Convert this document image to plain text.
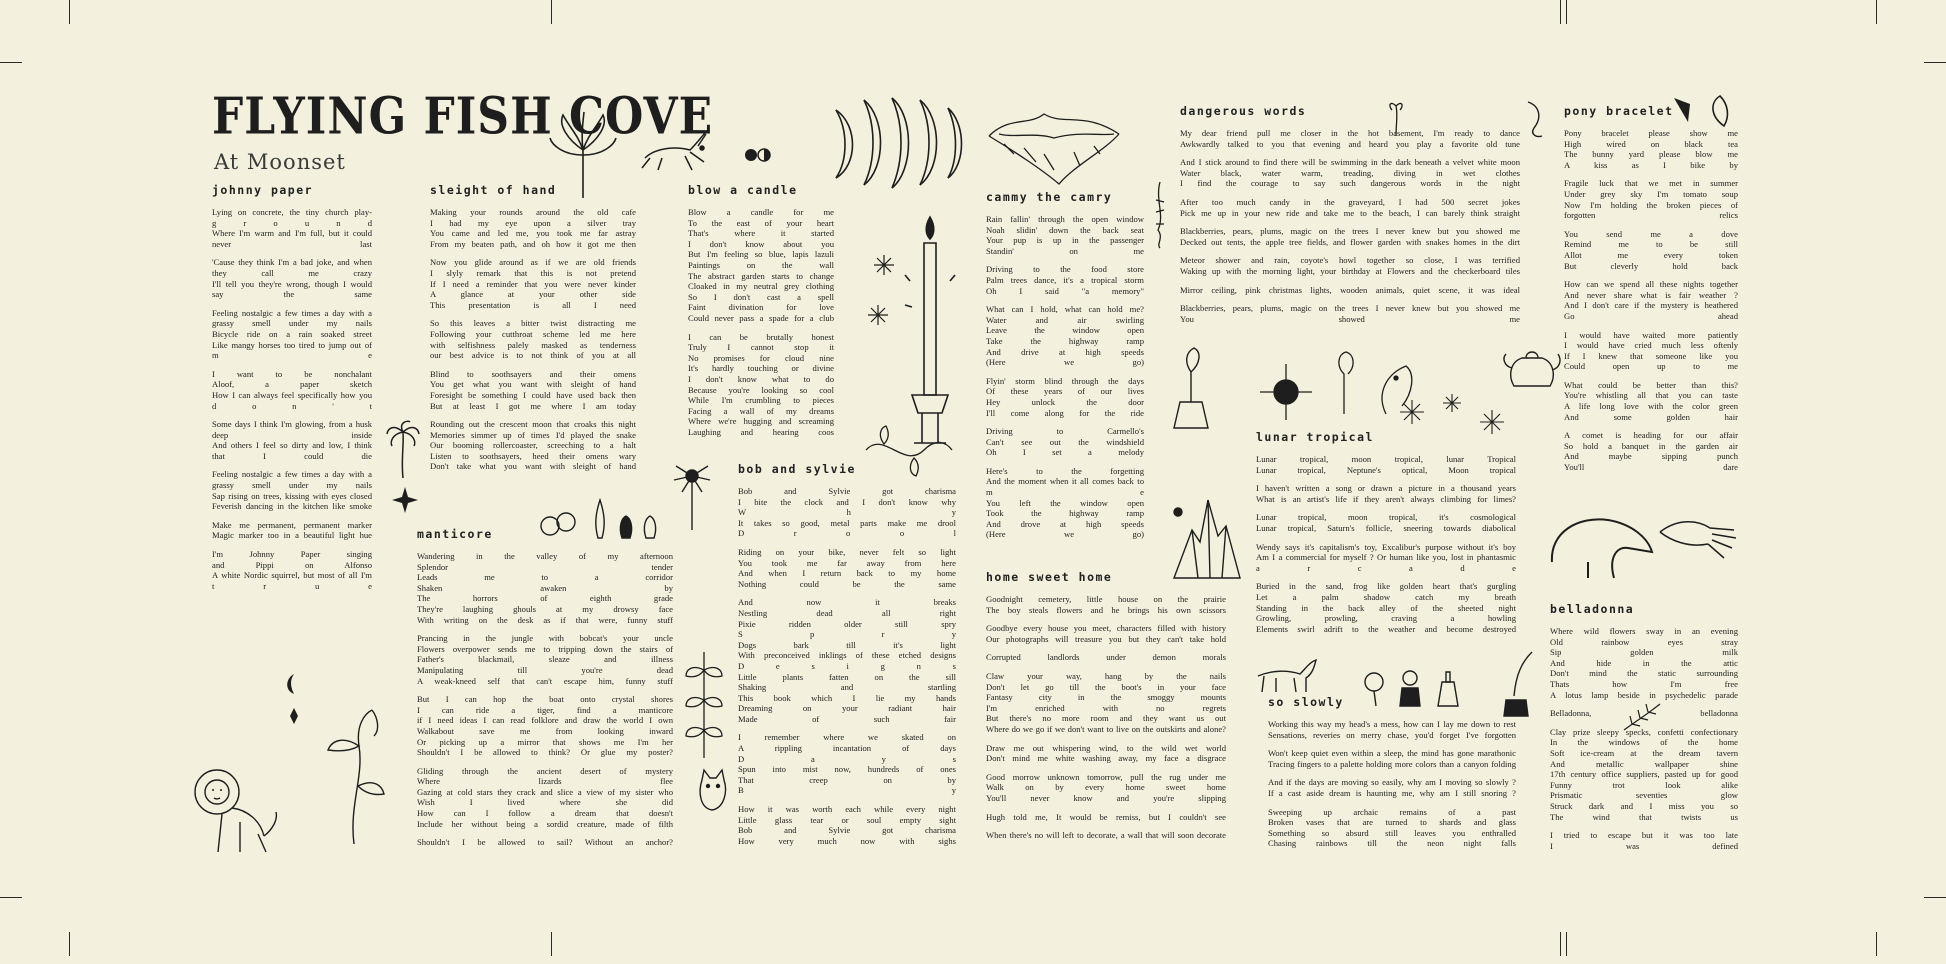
FLYING FISH COVE
At Moonset
johnny paper

Lying on concrete, the tiny church play-
g r o u n d
Where I'm warm and I'm full, but it could
never last

'Cause they think I'm a bad joke, and when
they call me crazy
I'll tell you they're wrong, though I would
say the same

Feeling nostalgic a few times a day with a
grassy smell under my nails
Bicycle ride on a rain soaked street
Like mangy horses too tired to jump out of
m e

I want to be nonchalant
Aloof, a paper sketch
How I can always feel specifically how you
d o n ' t

Some days I think I'm glowing, from a husk
deep inside
And others I feel so dirty and low, I think
that I could die

Feeling nostalgic a few times a day with a
grassy smell under my nails
Sap rising on trees, kissing with eyes closed
Feverish dancing in the kitchen like smoke

Make me permanent, permanent marker
Magic marker too in a beautiful light hue

I'm Johnny Paper singing
and Pippi on Alfonso
A white Nordic squirrel, but most of all I'm
t r u e

sleight of hand

Making your rounds around the old cafe
I had my eye upon a silver tray
You came and led me, you took me far astray
From my beaten path, and oh how it got me then

Now you glide around as if we are old friends
I slyly remark that this is not pretend
If I need a reminder that you were never kinder
A glance at your other side
This presentation is all I need

So this leaves a bitter twist distracting me
Following your cutthroat scheme led me here
with selfishness palely masked as tenderness
our best advice is to not think of you at all

Blind to soothsayers and their omens
You get what you want with sleight of hand
Foresight be something I could have used back then
But at least I got me where I am today

Rounding out the crescent moon that croaks this night
Memories simmer up of times I'd played the snake
Our booming rollercoaster, screeching to a halt
Listen to soothsayers, heed their omens wary
Don't take what you want with sleight of hand

blow a candle

Blow a candle for me
To the east of your heart
That's where it started
I don't know about you
But I'm feeling so blue, lapis lazuli
Paintings on the wall
The abstract garden starts to change
Cloaked in my neutral grey clothing
So I don't cast a spell
Faint divination for love
Could never pass a spade for a club

I can be brutally honest
Truly I cannot stop it
No promises for cloud nine
It's hardly touching or divine
I don't know what to do
Because you're looking so cool
While I'm crumbling to pieces
Facing a wall of my dreams
Where we're hugging and screaming
Laughing and hearing coos

manticore

Wandering in the valley of my afternoon
Splendor tender
Leads me to a corridor
Shaken awaken by
The horrors of eighth grade
They're laughing ghouls at my drowsy face
With writing on the desk as if that were, funny stuff

Prancing in the jungle with bobcat's your uncle
Flowers overpower sends me to tripping down the stairs of
Father's blackmail, sleaze and illness
Manipulating till you're dead
A weak-kneed self that can't escape him, funny stuff

But I can hop the boat onto crystal shores
I can ride a tiger, find a manticore
if I need ideas I can read folklore and draw the world I own
Walkabout save me from looking inward
Or picking up a mirror that shows me I'm her
Shouldn't I be allowed to think? Or glue my poster?

Gliding through the ancient desert of mystery
Where lizards flee
Gazing at cold stars they crack and slice a view of my sister who
Wish I lived where she did
How can I follow a dream that doesn't
Include her without being a sordid creature, made of filth

Shouldn't I be allowed to sail? Without an anchor?

bob and sylvie

Bob and Sylvie got charisma
I bite the clock and I don't know why
W h y
It takes so good, metal parts make me drool
D r o o l

Riding on your bike, never felt so light
You took me far away from here
And when I return back to my home
Nothing could be the same

And now it breaks
Nestling dead all right
Pixie ridden older still spry
S p r y
Dogs bark till it's light
With preconceived inklings of these etched designs
D e s i g n s
Little plants fatten on the sill
Shaking and startling
This book which I lie my hands
Dreaming on your radiant hair
Made of such fair

I remember where we skated on
A rippling incantation of days
D a y s
Spun into mist now, hundreds of ones
That creep on by
B y

How it was worth each while every night
Little glass tear or soul empty sight
Bob and Sylvie got charisma
How very much now with sighs

cammy the camry

Rain fallin' through the open window
Noah slidin' down the back seat
Your pup is up in the passenger
Standin' on me

Driving to the food store
Palm trees dance, it's a tropical storm
Oh I said "a memory"

What can I hold, what can hold me?
Water and air swirling
Leave the window open
Take the highway ramp
And drive at high speeds
(Here we go)

Flyin' storm blind through the days
Of these years of our lives
Hey unlock the door
I'll come along for the ride

Driving to Carmello's
Can't see out the windshield
Oh I set a melody

Here's to the forgetting
And the moment when it all comes back to
m e
You left the window open
Took the highway ramp
And drove at high speeds
(Here we go)

home sweet home

Goodnight cemetery, little house on the prairie
The boy steals flowers and he brings his own scissors

Goodbye every house you meet, characters filled with history
Our photographs will treasure you but they can't take hold

Corrupted landlords under demon morals

Claw your way, hang by the nails
Don't let go till the boot's in your face
Fantasy city in the smoggy mounts
I'm enriched with no regrets
But there's no more room and they want us out
Where do we go if we don't want to live on the outskirts and alone?

Draw me out whispering wind, to the wild wet world
Don't mind me white washing away, my face a disgrace

Good morrow unknown tomorrow, pull the rug under me
Walk on by every home sweet home
You'll never know and you're slipping

Hugh told me, It would be remiss, but I couldn't see

When there's no will left to decorate, a wall that will soon decorate

dangerous words

My dear friend pull me closer in the hot basement, I'm ready to dance
Awkwardly talked to you that evening and heard you play a favorite old tune

And I stick around to find there will be swimming in the dark beneath a velvet white moon
Water black, water warm, treading, diving in wet clothes
I find the courage to say such dangerous words in the night

After too much candy in the graveyard, I had 500 secret jokes
Pick me up in your new ride and take me to the beach, I can barely think straight

Blackberries, pears, plums, magic on the trees I never knew but you showed me
Decked out tents, the apple tree fields, and flower garden with snakes homes in the dirt

Meteor shower and rain, coyote's howl together so close, I was terrified
Waking up with the morning light, your birthday at Flowers and the checkerboard tiles

Mirror ceiling, pink christmas lights, wooden animals, quiet scene, it was ideal

Blackberries, pears, plums, magic on the trees I never knew but you showed me
You showed me

lunar tropical

Lunar tropical, moon tropical, lunar Tropical
Lunar tropical, Neptune's optical, Moon tropical

I haven't written a song or drawn a picture in a thousand years
What is an artist's life if they aren't always climbing for limes?

Lunar tropical, moon tropical, it's cosmological
Lunar tropical, Saturn's follicle, sneering towards diabolical

Wendy says it's capitalism's toy, Excalibur's purpose without it's boy
Am I a commercial for myself ? Or human like you, lost in phantasmic
a r c a d e

Buried in the sand, frog like golden heart that's gurgling
Let a palm shadow catch my breath
Standing in the back alley of the sheeted night
Growling, prowling, craving a howling
Elements swirl adrift to the weather and become destroyed

so slowly

Working this way my head's a mess, how can I lay me down to rest
Sensations, reveries on merry chase, you'd forget I've forgotten

Won't keep quiet even within a sleep, the mind has gone marathonic
Tracing fingers to a palette holding more colors than a canyon folding

And if the days are moving so easily, why am I moving so slowly ?
If a cast aside dream is haunting me, why am I still snoring ?

Sweeping up archaic remains of a past
Broken vases that are turned to shards and glass
Something so absurd still leaves you enthralled
Chasing rainbows till the neon night falls

pony bracelet

Pony bracelet please show me
High wired on black tea
The bunny yard please blow me
A kiss as I bike by

Fragile luck that we met in summer
Under grey sky I'm tomato soup
Now I'm holding the broken pieces of
forgotten relics

You send me a dove
Remind me to be still
Allot me every token
But cleverly hold back

How can we spend all these nights together
And never share what is fair weather ?
And I don't care if the mystery is heathered
Go ahead

I would have waited more patiently
I would have cried much less oftenly
If I knew that someone like you
Could open up to me

What could be better than this?
You're whistling all that you can taste
A life long love with the color green
And some golden hair

A comet is heading for our affair
So hold a banquet in the garden air
And maybe sipping punch
You'll dare

belladonna

Where wild flowers sway in an evening
Old rainbow eyes stray
Sip golden milk
And hide in the attic
Don't mind the static surrounding
Thats how I'm free
A lotus lamp beside in psychedelic parade

Belladonna, belladonna

Clay prize sleepy specks, confetti confectionary
In the windows of the home
Soft ice-cream at the dream tavern
And metallic wallpaper shine
17th century office suppliers, pasted up for good
Funny trot look alike
Prismatic seventies glow
Struck dark and I miss you so
The wind that twists us

I tried to escape but it was too late
I was defined
